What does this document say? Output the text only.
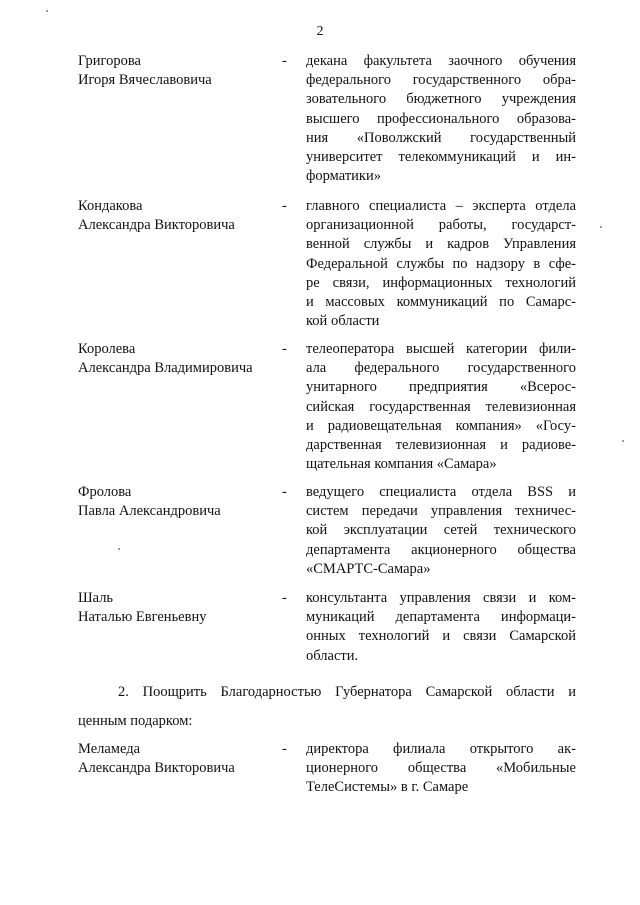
2
Григорова
Игоря Вячеславовича
- декана факультета заочного обучения
федерального государственного обра-
зовательного бюджетного учреждения
высшего профессионального образова-
ния «Поволжский государственный
университет телекоммуникаций и ин-
форматики»
Кондакова
Александра Викторовича
- главного специалиста – эксперта отдела
организационной работы, государст-
венной службы и кадров Управления
Федеральной службы по надзору в сфе-
ре связи, информационных технологий
и массовых коммуникаций по Самарс-
кой области
Королева
Александра Владимировича
- телеоператора высшей категории фили-
ала федерального государственного
унитарного предприятия «Всерос-
сийская государственная телевизионная
и радиовещательная компания» «Госу-
дарственная телевизионная и радиове-
щательная компания «Самара»
Фролова
Павла Александровича
- ведущего специалиста отдела BSS и
систем передачи управления техничес-
кой эксплуатации сетей технического
департамента акционерного общества
«СМАРТС-Самара»
Шаль
Наталью Евгеньевну
- консультанта управления связи и ком-
муникаций департамента информаци-
онных технологий и связи Самарской
области.
2. Поощрить Благодарностью Губернатора Самарской области и
ценным подарком:
Меламеда
Александра Викторовича
- директора филиала открытого ак-
ционерного общества «Мобильные
ТелеСистемы» в г. Самаре
